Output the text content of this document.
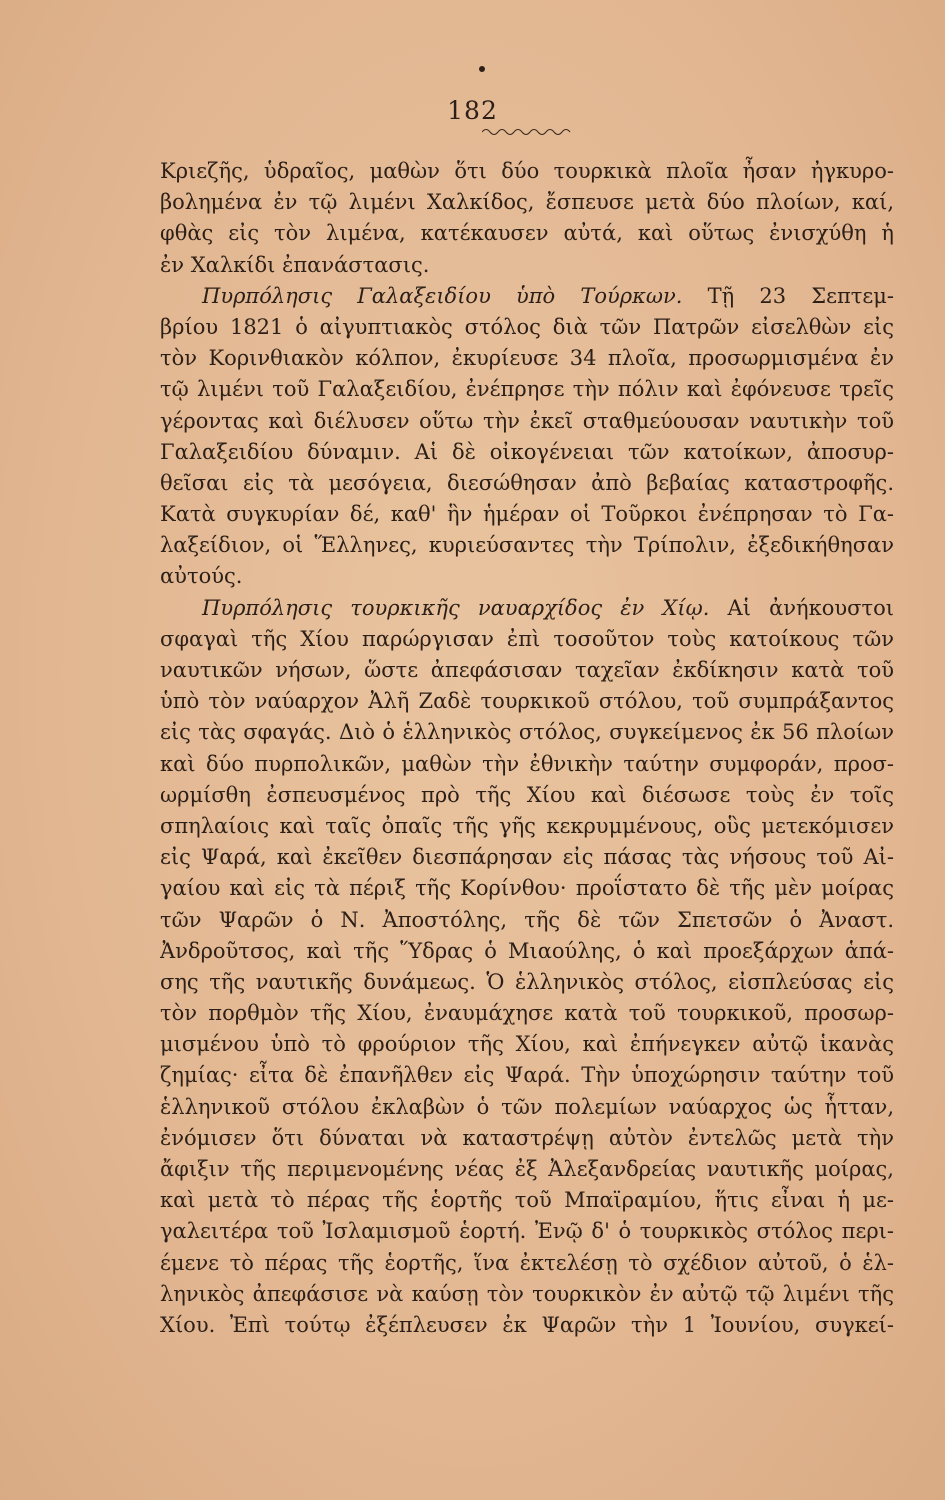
182
Κριεζῆς, ὑδραῖος, μαθὼν ὅτι δύο τουρκικὰ πλοῖα ἦσαν ἠγκυρο-
βολημένα ἐν τῷ λιμένι Χαλκίδος, ἔσπευσε μετὰ δύο πλοίων, καί,
φθὰς εἰς τὸν λιμένα, κατέκαυσεν αὐτά, καὶ οὕτως ἐνισχύθη ἡ
ἐν Χαλκίδι ἐπανάστασις.
Πυρπόλησις Γαλαξειδίου ὑπὸ Τούρκων. Τῇ 23 Σεπτεμ-
βρίου 1821 ὁ αἰγυπτιακὸς στόλος διὰ τῶν Πατρῶν εἰσελθὼν εἰς
τὸν Κορινθιακὸν κόλπον, ἐκυρίευσε 34 πλοῖα, προσωρμισμένα ἐν
τῷ λιμένι τοῦ Γαλαξειδίου, ἐνέπρησε τὴν πόλιν καὶ ἐφόνευσε τρεῖς
γέροντας καὶ διέλυσεν οὕτω τὴν ἐκεῖ σταθμεύουσαν ναυτικὴν τοῦ
Γαλαξειδίου δύναμιν. Αἱ δὲ οἰκογένειαι τῶν κατοίκων, ἀποσυρ-
θεῖσαι εἰς τὰ μεσόγεια, διεσώθησαν ἀπὸ βεβαίας καταστροφῆς.
Κατὰ συγκυρίαν δέ, καθ' ἣν ἡμέραν οἱ Τοῦρκοι ἐνέπρησαν τὸ Γα-
λαξείδιον, οἱ Ἕλληνες, κυριεύσαντες τὴν Τρίπολιν, ἐξεδικήθησαν
αὐτούς.
Πυρπόλησις τουρκικῆς ναυαρχίδος ἐν Χίῳ. Αἱ ἀνήκουστοι
σφαγαὶ τῆς Χίου παρώργισαν ἐπὶ τοσοῦτον τοὺς κατοίκους τῶν
ναυτικῶν νήσων, ὥστε ἀπεφάσισαν ταχεῖαν ἐκδίκησιν κατὰ τοῦ
ὑπὸ τὸν ναύαρχον Ἀλῆ Ζαδὲ τουρκικοῦ στόλου, τοῦ συμπράξαντος
εἰς τὰς σφαγάς. Διὸ ὁ ἑλληνικὸς στόλος, συγκείμενος ἐκ 56 πλοίων
καὶ δύο πυρπολικῶν, μαθὼν τὴν ἐθνικὴν ταύτην συμφοράν, προσ-
ωρμίσθη ἐσπευσμένος πρὸ τῆς Χίου καὶ διέσωσε τοὺς ἐν τοῖς
σπηλαίοις καὶ ταῖς ὀπαῖς τῆς γῆς κεκρυμμένους, οὓς μετεκόμισεν
εἰς Ψαρά, καὶ ἐκεῖθεν διεσπάρησαν εἰς πάσας τὰς νήσους τοῦ Αἰ-
γαίου καὶ εἰς τὰ πέριξ τῆς Κορίνθου· προΐστατο δὲ τῆς μὲν μοίρας
τῶν Ψαρῶν ὁ Ν. Ἀποστόλης, τῆς δὲ τῶν Σπετσῶν ὁ Ἀναστ.
Ἀνδροῦτσος, καὶ τῆς Ὕδρας ὁ Μιαούλης, ὁ καὶ προεξάρχων ἁπά-
σης τῆς ναυτικῆς δυνάμεως. Ὁ ἑλληνικὸς στόλος, εἰσπλεύσας εἰς
τὸν πορθμὸν τῆς Χίου, ἐναυμάχησε κατὰ τοῦ τουρκικοῦ, προσωρ-
μισμένου ὑπὸ τὸ φρούριον τῆς Χίου, καὶ ἐπήνεγκεν αὐτῷ ἱκανὰς
ζημίας· εἶτα δὲ ἐπανῆλθεν εἰς Ψαρά. Τὴν ὑποχώρησιν ταύτην τοῦ
ἑλληνικοῦ στόλου ἐκλαβὼν ὁ τῶν πολεμίων ναύαρχος ὡς ἧτταν,
ἐνόμισεν ὅτι δύναται νὰ καταστρέψῃ αὐτὸν ἐντελῶς μετὰ τὴν
ἄφιξιν τῆς περιμενομένης νέας ἐξ Ἀλεξανδρείας ναυτικῆς μοίρας,
καὶ μετὰ τὸ πέρας τῆς ἑορτῆς τοῦ Μπαϊραμίου, ἥτις εἶναι ἡ με-
γαλειτέρα τοῦ Ἰσλαμισμοῦ ἑορτή. Ἐνῷ δ' ὁ τουρκικὸς στόλος περι-
έμενε τὸ πέρας τῆς ἑορτῆς, ἵνα ἐκτελέσῃ τὸ σχέδιον αὐτοῦ, ὁ ἑλ-
ληνικὸς ἀπεφάσισε νὰ καύσῃ τὸν τουρκικὸν ἐν αὐτῷ τῷ λιμένι τῆς
Χίου. Ἐπὶ τούτῳ ἐξέπλευσεν ἐκ Ψαρῶν τὴν 1 Ἰουνίου, συγκεί-
